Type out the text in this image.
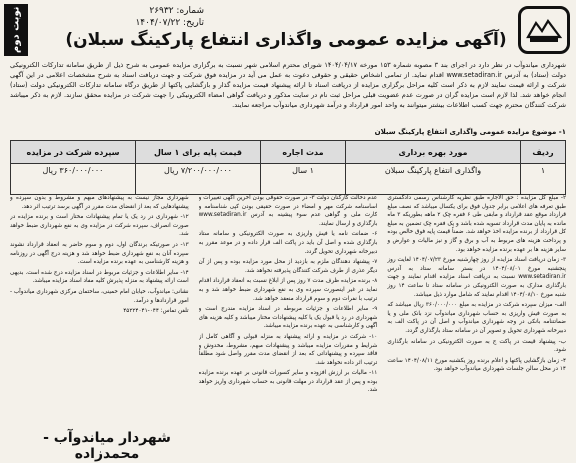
شماره: ۲۶۹۳۲
تاریخ: ۱۴۰۴/۰۷/۲۲
نوبت دوم	(آگهی مزایده عمومی واگذاری انتفاع پارکینگ سبلان)
شهرداری میاندوآب در نظر دارد در اجرای بند ۳ مصوبه شماره ۱۵۳ مورخه ۱۴۰۴/۰۴/۱۷ شورای محترم اسلامی شهر نسبت به برگزاری مزایده عمومی به شرح ذیل از طریق سامانه تدارکات الکترونیکی دولت (ستاد) به آدرس www.setadiran.ir اقدام نماید. از تمامی اشخاص حقیقی و حقوقی دعوت به عمل می آید در مزایده فوق شرکت و جهت دریافت اسناد به شرح مشخصات اعلامی در این آگهی شرکت و ارائه قیمت نمایند لازم به ذکر است کلیه مراحل برگزاری مزایده از دریافت اسناد تا ارائه پیشنهاد قیمت مزایده گذار و بازگشایی پاکتها از طریق درگاه سامانه تدارکات الکترونیکی دولت (ستاد) انجام خواهد شد. لذا لازم است مزایده گران در صورت عدم عضویت قبلی مراحل ثبت نام در سایت مذکور و دریافت گواهی امضاء الکترونیکی را جهت شرکت در مزایده محقق سازند. لازم به ذکر میباشد شرکت کنندگان محترم جهت کسب اطلاعات بیشتر میتوانند به واحد امور قرارداد و درآمد شهرداری میاندوآب مراجعه نمایند.
۱- موضوع مزایده عمومی واگذاری انتفاع پارکینگ سبلان
ردیف	مورد بهره برداری	مدت اجاره	قیمت پایه برای ۱ سال	سپرده شرکت در مزایده
۱	واگذاری انتفاع پارکینگ سبلان	۱ سال	۷/۲۰۰/۰۰۰/۰۰۰ ریال	۳۶۰/۰۰۰/۰۰۰ ریال

۲- مبلغ کل مزایده : حق الاجاره طبق نظریه کارشناس رسمی دادگستری طبق تعرفه های اعلامی برابر جدول فوق برای یکسال میباشد که نصف مبلغ قرارداد موقع عقد قرارداد و مابقی طی ۶ فقره چک ۲ ماهه بطوریکه ۳ ماه مانده به پایان مدت قرارداد تسویه شده باشد و یک فقره چک تضمین به مبلغ کل قرارداد از برنده مزایده اخذ خواهد شد. ضمناً قیمت پایه فوق خالص بوده و پرداخت هزینه های مربوط به آب و برق و گاز و نیز مالیات و عوارض و سایر هزینه ها بر عهده برنده مزایده خواهد بود.

۳- زمان دریافت اسناد مزایده از روز چهارشنبه مورخ ۱۴۰۴/۰۷/۲۳ لغایت روز پنجشنبه مورخ ۱۴۰۴/۰۸/۰۱ در بستر سامانه ستاد به آدرس www.setadiran.ir نسبت به دریافت اسناد مزایده اقدام نمایند و جهت بارگذاری مدارک به صورت الکترونیکی در سامانه ستاد تا ساعت ۱۴ روز شنبه مورخ ۱۴۰۴/۰۸/۱۰ اقدام نمایند که شامل موارد ذیل میباشد.

الف- میزان سپرده شرکت در مزایده به مبلغ ۳۶۰/۰۰۰/۰۰۰ ریال میباشد که به صورت فیش واریزی به حساب شهرداری میاندوآب نزد بانک ملی و یا ضمانتنامه بانکی در وجه شهرداری میاندوآب و اصل آن در پاکت الف به دبیرخانه شهرداری تحویل و تصویر آن در سامانه ستاد بارگذاری گردد.

ب- پیشنهاد قیمت در پاکت ج به صورت الکترونیکی در سامانه بارگذاری شود.

۴- زمان بازگشایی پاکتها و اعلام برنده روز یکشنبه مورخ ۱۴۰۴/۰۸/۱۱ ساعت ۱۴ در محل سالن جلسات شهرداری میاندوآب خواهد بود.

عدم دخالت کارکنان دولت ۳- در صورت حقوقی بودن آخرین آگهی تغییرات و اساسنامه شرکت مهر و امضاء در صورت حقیقی بودن کپی شناسنامه و کارت ملی و گواهی عدم سوء پیشینه به آدرس www.setadiran.ir بارگذاری و ارسال نمایند.

۶- ضمانت نامه یا فیش واریزی به صورت الکترونیکی و سامانه ستاد بارگذاری شده و اصل آن باید در پاکت الف قرار داده و در موعد مقرر به دبیرخانه شهرداری تحویل گردد.

۷- پیشنهاد دهندگان ملزم به بازدید از محل مورد مزایده بوده و پس از آن دیگر عذری از طرف شرکت کنندگان پذیرفته نخواهد شد.

۸- برنده مزایده ظرف مدت ۷ روز پس از ابلاغ نسبت به انعقاد قرارداد اقدام نماید در غیر اینصورت سپرده وی به نفع شهرداری ضبط خواهد شد و به ترتیب با نفرات دوم و سوم قرارداد منعقد خواهد شد.

۹- سایر اطلاعات و جزئیات مربوطه در اسناد مزایده مندرج است و شهرداری در رد یا قبول یک یا کلیه پیشنهادات مختار میباشد و کلیه هزینه های آگهی و کارشناسی به عهده برنده مزایده میباشد.

۱۰- شرکت در مزایده و ارائه پیشنهاد به منزله قبولی و آگاهی کامل از شرایط و مقررات مزایده میباشد و پیشنهادات مبهم، مشروط، مخدوش و فاقد سپرده و پیشنهاداتی که بعد از انقضای مدت مقرر واصل شود مطلقاً ترتیب اثر داده نخواهد شد.

۱۱- مالیات بر ارزش افزوده و سایر کسورات قانونی بر عهده برنده مزایده بوده و پس از عقد قرارداد در مهلت قانونی به حساب شهرداری واریز خواهد شد.

شهرداری مجاز نیست به پیشنهادهای مبهم و مشروط و بدون سپرده و پیشنهادهایی که بعد از انقضای مدت مقرر در آگهی برسد ترتیب اثر دهد.

۱۲- شهرداری در رد یک یا تمام پیشنهادات مختار است و برنده مزایده در صورت انصراف، سپرده شرکت در مزایده وی به نفع شهرداری ضبط خواهد شد.

۱۳- در صورتیکه برندگان اول، دوم و سوم حاضر به انعقاد قرارداد نشوند سپرده آنان به نفع شهرداری ضبط خواهد شد و هزینه درج آگهی در روزنامه و هزینه کارشناسی به عهده برنده مزایده است.

۱۴- سایر اطلاعات و جزئیات مربوط در اسناد مزایده درج شده است. بدیهی است ارائه پیشنهاد به منزله پذیرش کلیه مفاد اسناد مزایده میباشد.

نشانی: میاندوآب، خیابان امام خمینی، ساختمان مرکزی شهرداری میاندوآب - امور قراردادها و درآمد.

تلفن تماس: ۰۴۴-۴۵۲۲۴۰۴۱

شهردار میاندوآب - محمدزاده
